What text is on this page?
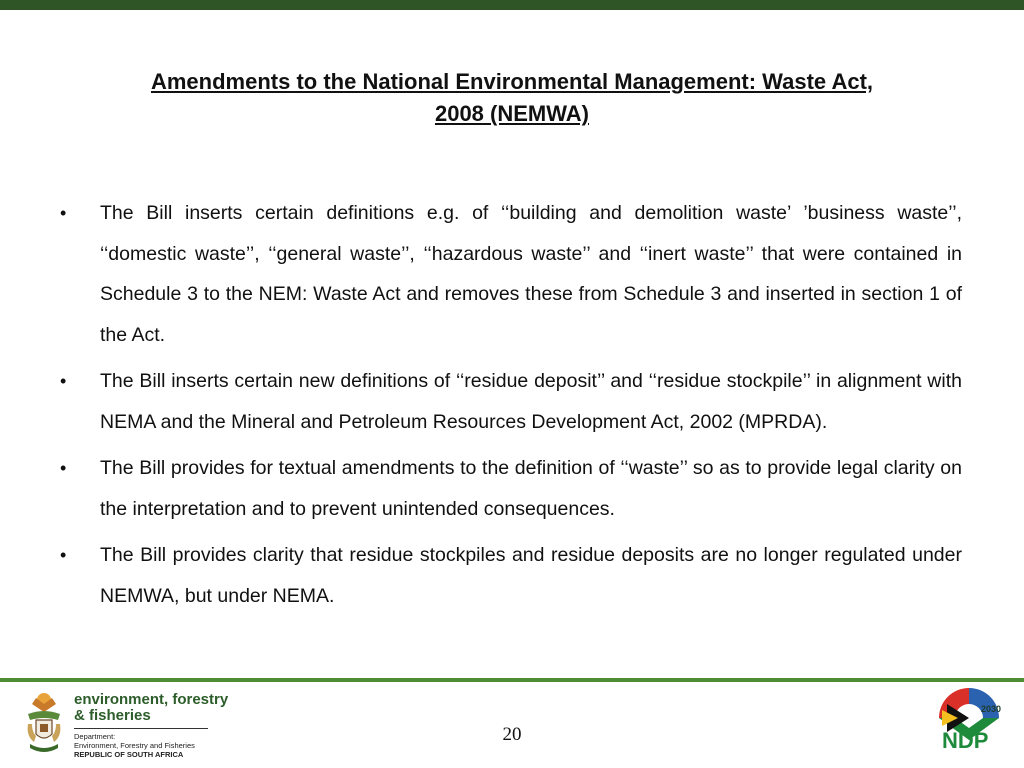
Amendments to the National Environmental Management: Waste Act,
2008 (NEMWA)
• The Bill inserts certain definitions e.g. of ‘‘building and demolition waste’ ’business waste’’, ‘‘domestic waste’’, ‘‘general waste’’, ‘‘hazardous waste’’ and ‘‘inert waste’’ that were contained in Schedule 3 to the NEM: Waste Act and removes these from Schedule 3 and inserted in section 1 of the Act.
• The Bill inserts certain new definitions of ‘‘residue deposit’’ and ‘‘residue stockpile’’ in alignment with NEMA and the Mineral and Petroleum Resources Development Act, 2002 (MPRDA).
• The Bill provides for textual amendments to the definition of ‘‘waste’’ so as to provide legal clarity on the interpretation and to prevent unintended consequences.
• The Bill provides clarity that residue stockpiles and residue deposits are no longer regulated under NEMWA, but under NEMA.
environment, forestry
& fisheries
Department:
Environment, Forestry and Fisheries
REPUBLIC OF SOUTH AFRICA
20
2030
NDP
